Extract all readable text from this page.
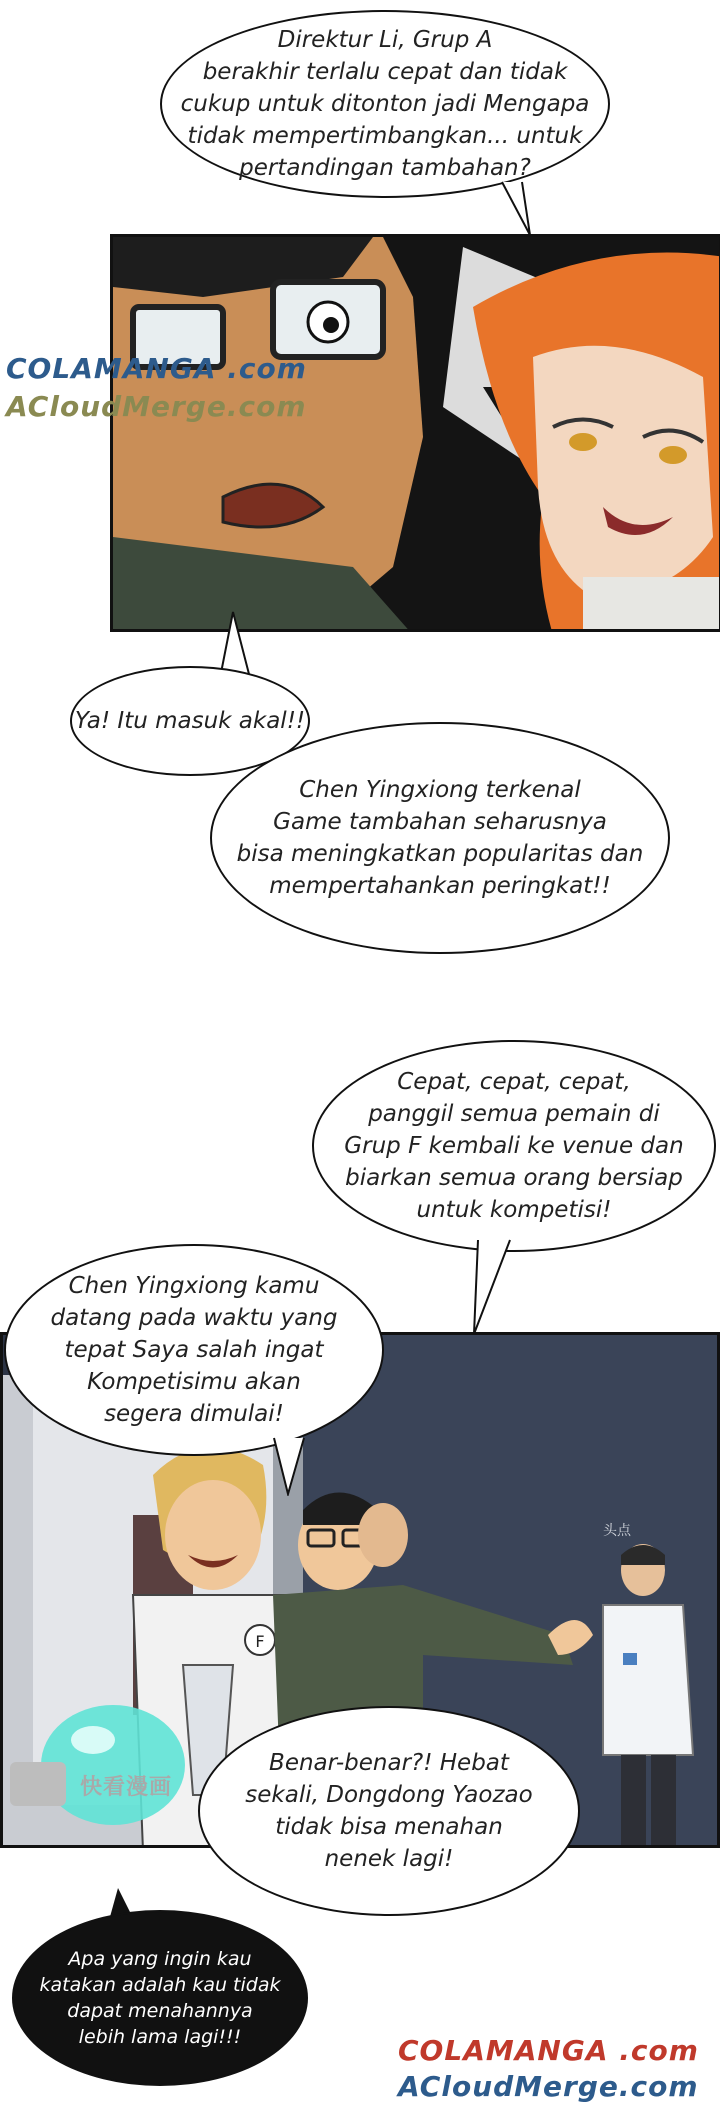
Direktur Li, Grup A
berakhir terlalu cepat dan tidak
cukup untuk ditonton jadi Mengapa
tidak mempertimbangkan... untuk
pertandingan tambahan?
COLAMANGA .com
ACloudMerge.com
Ya! Itu masuk akal!!
Chen Yingxiong terkenal
Game tambahan seharusnya
bisa meningkatkan popularitas dan
mempertahankan peringkat!!
Cepat, cepat, cepat,
panggil semua pemain di
Grup F kembali ke venue dan
biarkan semua orang bersiap
untuk kompetisi!
F
头点
快看漫画
Chen Yingxiong kamu
datang pada waktu yang
tepat Saya salah ingat
Kompetisimu akan
segera dimulai!
Benar-benar?! Hebat
sekali, Dongdong Yaozao
tidak bisa menahan
nenek lagi!
Apa yang ingin kau
katakan adalah kau tidak
dapat menahannya
lebih lama lagi!!!	COLAMANGA .com
ACloudMerge.com
